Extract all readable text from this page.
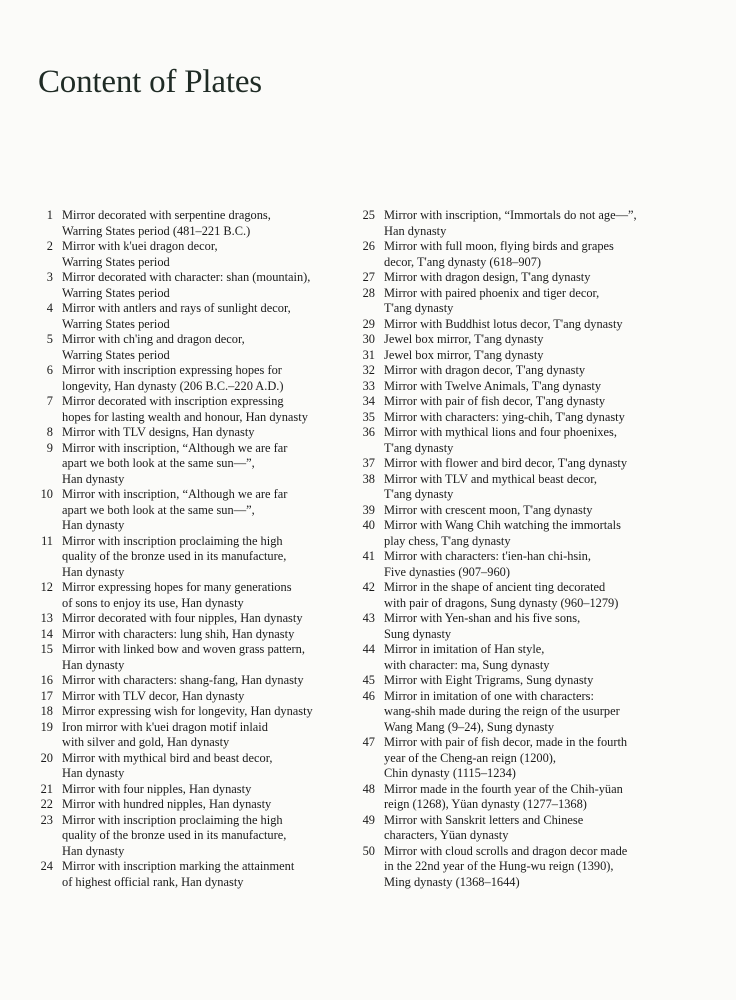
Content of Plates
1 Mirror decorated with serpentine dragons,
Warring States period (481–221 B.C.)
2 Mirror with k'uei dragon decor,
Warring States period
3 Mirror decorated with character: shan (mountain),
Warring States period
4 Mirror with antlers and rays of sunlight decor,
Warring States period
5 Mirror with ch'ing and dragon decor,
Warring States period
6 Mirror with inscription expressing hopes for
longevity, Han dynasty (206 B.C.–220 A.D.)
7 Mirror decorated with inscription expressing
hopes for lasting wealth and honour, Han dynasty
8 Mirror with TLV designs, Han dynasty
9 Mirror with inscription, “Although we are far
apart we both look at the same sun—”,
Han dynasty
10 Mirror with inscription, “Although we are far
apart we both look at the same sun—”,
Han dynasty
11 Mirror with inscription proclaiming the high
quality of the bronze used in its manufacture,
Han dynasty
12 Mirror expressing hopes for many generations
of sons to enjoy its use, Han dynasty
13 Mirror decorated with four nipples, Han dynasty
14 Mirror with characters: lung shih, Han dynasty
15 Mirror with linked bow and woven grass pattern,
Han dynasty
16 Mirror with characters: shang-fang, Han dynasty
17 Mirror with TLV decor, Han dynasty
18 Mirror expressing wish for longevity, Han dynasty
19 Iron mirror with k'uei dragon motif inlaid
with silver and gold, Han dynasty
20 Mirror with mythical bird and beast decor,
Han dynasty
21 Mirror with four nipples, Han dynasty
22 Mirror with hundred nipples, Han dynasty
23 Mirror with inscription proclaiming the high
quality of the bronze used in its manufacture,
Han dynasty
24 Mirror with inscription marking the attainment
of highest official rank, Han dynasty
25 Mirror with inscription, “Immortals do not age—”,
Han dynasty
26 Mirror with full moon, flying birds and grapes
decor, T'ang dynasty (618–907)
27 Mirror with dragon design, T'ang dynasty
28 Mirror with paired phoenix and tiger decor,
T'ang dynasty
29 Mirror with Buddhist lotus decor, T'ang dynasty
30 Jewel box mirror, T'ang dynasty
31 Jewel box mirror, T'ang dynasty
32 Mirror with dragon decor, T'ang dynasty
33 Mirror with Twelve Animals, T'ang dynasty
34 Mirror with pair of fish decor, T'ang dynasty
35 Mirror with characters: ying-chih, T'ang dynasty
36 Mirror with mythical lions and four phoenixes,
T'ang dynasty
37 Mirror with flower and bird decor, T'ang dynasty
38 Mirror with TLV and mythical beast decor,
T'ang dynasty
39 Mirror with crescent moon, T'ang dynasty
40 Mirror with Wang Chih watching the immortals
play chess, T'ang dynasty
41 Mirror with characters: t'ien-han chi-hsin,
Five dynasties (907–960)
42 Mirror in the shape of ancient ting decorated
with pair of dragons, Sung dynasty (960–1279)
43 Mirror with Yen-shan and his five sons,
Sung dynasty
44 Mirror in imitation of Han style,
with character: ma, Sung dynasty
45 Mirror with Eight Trigrams, Sung dynasty
46 Mirror in imitation of one with characters:
wang-shih made during the reign of the usurper
Wang Mang (9–24), Sung dynasty
47 Mirror with pair of fish decor, made in the fourth
year of the Cheng-an reign (1200),
Chin dynasty (1115–1234)
48 Mirror made in the fourth year of the Chih-yüan
reign (1268), Yüan dynasty (1277–1368)
49 Mirror with Sanskrit letters and Chinese
characters, Yüan dynasty
50 Mirror with cloud scrolls and dragon decor made
in the 22nd year of the Hung-wu reign (1390),
Ming dynasty (1368–1644)
